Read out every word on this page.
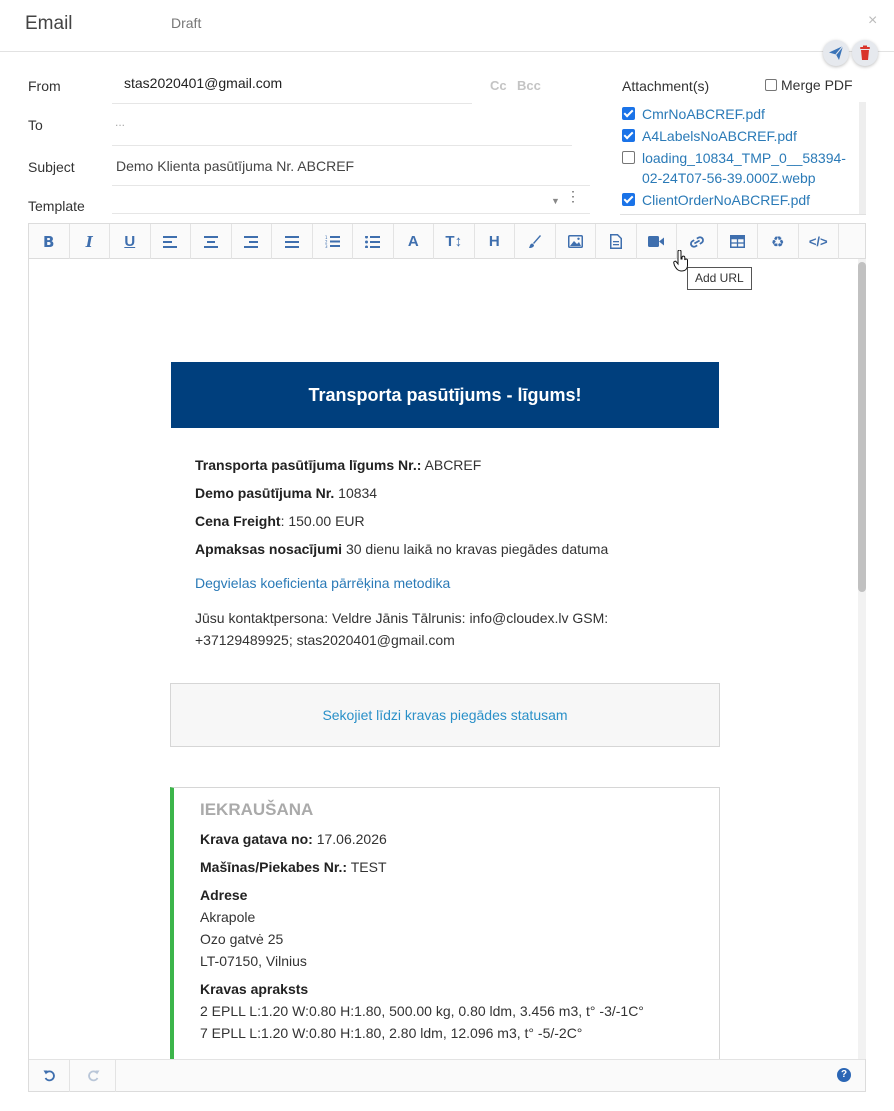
Email	Draft	×
From	stas2020401@gmail.com	Cc Bcc
To	...
Subject	Demo Klienta pasūtījuma Nr. ABCREF
Template	▼ ⋮
Attachment(s)	Merge PDF
CmrNoABCREF.pdf
A4LabelsNoABCREF.pdf
loading_10834_TMP_0__58394-02-24T07-56-39.000Z.webp
ClientOrderNoABCREF.pdf
B I U	1
2
3	A T↕ H	♻ </>
Transporta pasūtījums - līgums!
Transporta pasūtījuma līgums Nr.: ABCREF
Demo pasūtījuma Nr. 10834
Cena Freight: 150.00 EUR
Apmaksas nosacījumi 30 dienu laikā no kravas piegādes datuma
Degvielas koeficienta pārrēķina metodika
Jūsu kontaktpersona: Veldre Jānis Tālrunis: info@cloudex.lv GSM:
+37129489925; stas2020401@gmail.com
Sekojiet līdzi kravas piegādes statusam
IEKRAUŠANA
Krava gatava no: 17.06.2026
Mašīnas/Piekabes Nr.: TEST
Adrese
Akrapole
Ozo gatvė 25
LT-07150, Vilnius
Kravas apraksts
2 EPLL L:1.20 W:0.80 H:1.80, 500.00 kg, 0.80 ldm, 3.456 m3, t° -3/-1C°
7 EPLL L:1.20 W:0.80 H:1.80, 2.80 ldm, 12.096 m3, t° -5/-2C°
?
Add URL
